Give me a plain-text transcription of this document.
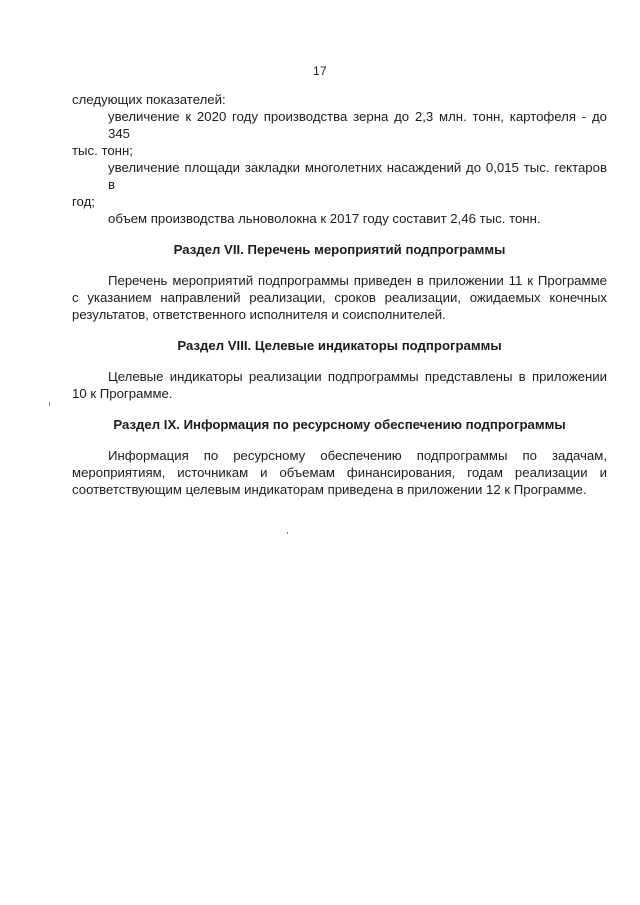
17

следующих показателей:

увеличение к 2020 году производства зерна до 2,3 млн. тонн, картофеля - до 345

тыс. тонн;

увеличение площади закладки многолетних насаждений до 0,015 тыс. гектаров в

год;

объем производства льноволокна к 2017 году составит 2,46 тыс. тонн.

Раздел VII. Перечень мероприятий подпрограммы

Перечень мероприятий подпрограммы приведен в приложении 11 к Программе с указанием направлений реализации, сроков реализации, ожидаемых конечных результатов, ответственного исполнителя и соисполнителей.

Раздел VIII. Целевые индикаторы подпрограммы

Целевые индикаторы реализации подпрограммы представлены в приложении 10 к Программе.

Раздел IX. Информация по ресурсному обеспечению подпрограммы

Информация по ресурсному обеспечению подпрограммы по задачам, мероприятиям, источникам и объемам финансирования, годам реализации и соответствующим целевым индикаторам приведена в приложении 12 к Программе.
